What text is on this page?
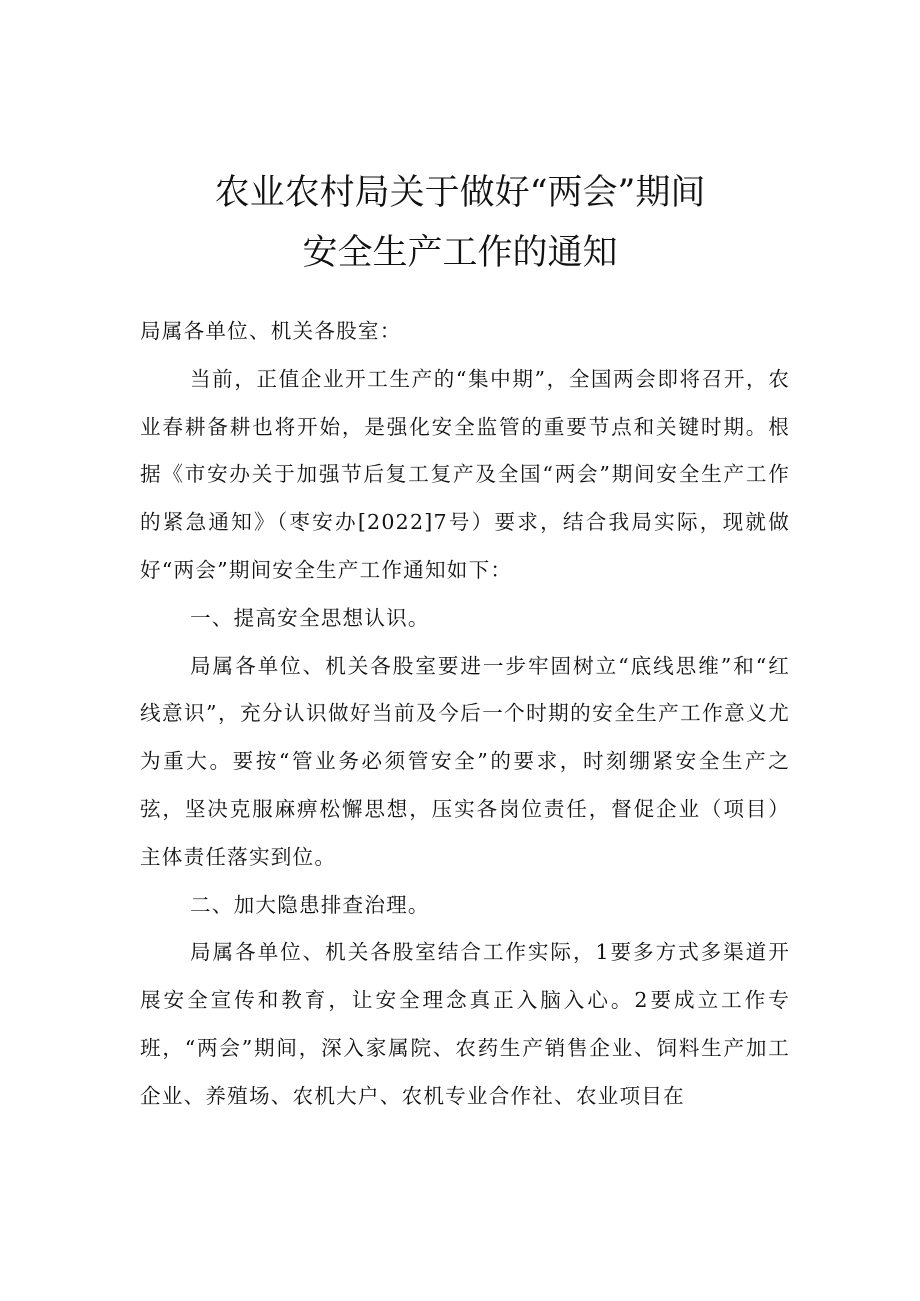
农业农村局关于做好“两会”期间
安全生产工作的通知

局属各单位、机关各股室：

当前，正值企业开工生产的“集中期”，全国两会即将召开，农业春耕备耕也将开始，是强化安全监管的重要节点和关键时期。根据《市安办关于加强节后复工复产及全国“两会”期间安全生产工作的紧急通知》（枣安办[2022]7号）要求，结合我局实际，现就做好“两会”期间安全生产工作通知如下：

一、提高安全思想认识。

局属各单位、机关各股室要进一步牢固树立“底线思维”和“红线意识”，充分认识做好当前及今后一个时期的安全生产工作意义尤为重大。要按“管业务必须管安全”的要求，时刻绷紧安全生产之弦，坚决克服麻痹松懈思想，压实各岗位责任，督促企业（项目）主体责任落实到位。

二、加大隐患排查治理。

局属各单位、机关各股室结合工作实际，1要多方式多渠道开展安全宣传和教育，让安全理念真正入脑入心。2要成立工作专班，“两会”期间，深入家属院、农药生产销售企业、饲料生产加工企业、养殖场、农机大户、农机专业合作社、农业项目在
